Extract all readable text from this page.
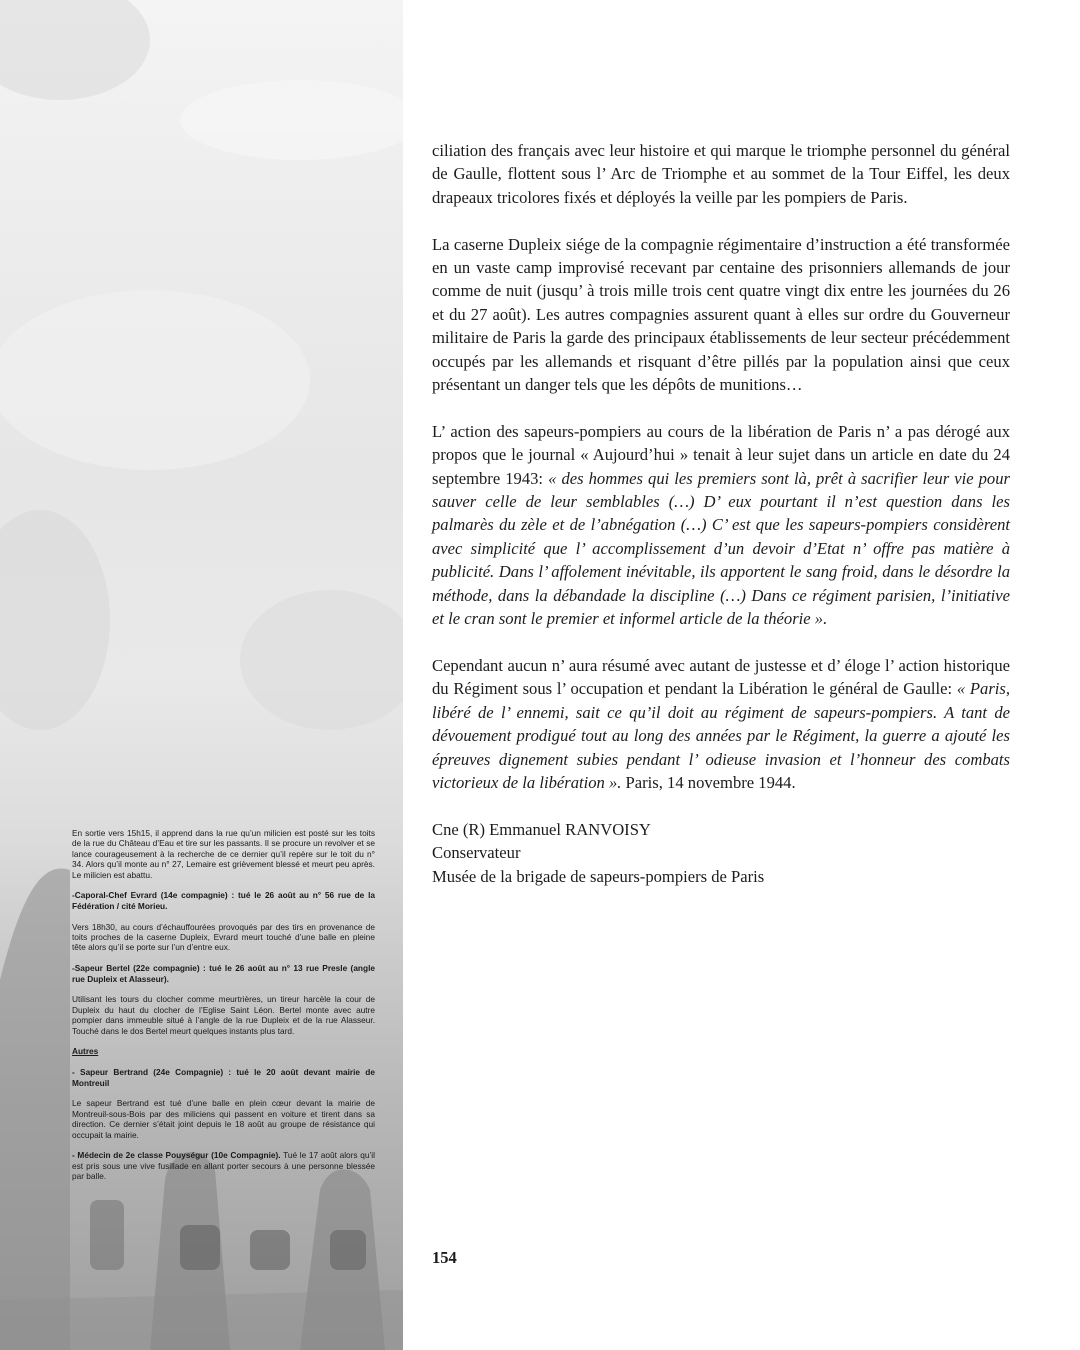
En sortie vers 15h15, il apprend dans la rue qu’un milicien est posté sur les toits de la rue du Château d’Eau et tire sur les passants. Il se procure un revolver et se lance courageusement à la recherche de ce dernier qu’il repère sur le toit du n° 34. Alors qu’il monte au n° 27, Lemaire est grièvement blessé et meurt peu après. Le milicien est abattu.

-Caporal-Chef Evrard (14e compagnie) : tué le 26 août au n° 56 rue de la Fédération / cité Morieu.

Vers 18h30, au cours d’échauffourées provoqués par des tirs en provenance de toits proches de la caserne Dupleix, Evrard meurt touché d’une balle en pleine tête alors qu’il se porte sur l’un d’entre eux.

-Sapeur Bertel (22e compagnie) : tué le 26 août au n° 13 rue Presle (angle rue Dupleix et Alasseur).

Utilisant les tours du clocher comme meurtrières, un tireur harcèle la cour de Dupleix du haut du clocher de l’Eglise Saint Léon. Bertel monte avec autre pompier dans immeuble situé à l’angle de la rue Dupleix et de la rue Alasseur. Touché dans le dos Bertel meurt quelques instants plus tard.

Autres

- Sapeur Bertrand (24e Compagnie) : tué le 20 août devant mairie de Montreuil

Le sapeur Bertrand est tué d’une balle en plein cœur devant la mairie de Montreuil-sous-Bois par des miliciens qui passent en voiture et tirent dans sa direction. Ce dernier s’était joint depuis le 18 août au groupe de résistance qui occupait la mairie.

- Médecin de 2e classe Pouységur (10e Compagnie). Tué le 17 août alors qu’il est pris sous une vive fusillade en allant porter secours à une personne blessée par balle.

ciliation des français avec leur histoire et qui marque le triomphe personnel du général de Gaulle, flottent sous l’ Arc de Triomphe et au sommet de la Tour Eiffel, les deux drapeaux tricolores fixés et déployés la veille par les pompiers de Paris.

La caserne Dupleix siége de la compagnie régimentaire d’instruction a été transformée en un vaste camp improvisé recevant par centaine des prisonniers allemands de jour comme de nuit (jusqu’ à trois mille trois cent quatre vingt dix entre les journées du 26 et du 27 août). Les autres compagnies assurent quant à elles sur ordre du Gouverneur militaire de Paris la garde des principaux établissements de leur secteur précédemment occupés par les allemands et risquant d’être pillés par la population ainsi que ceux présentant un danger tels que les dépôts de munitions…

L’ action des sapeurs-pompiers au cours de la libération de Paris n’ a pas dérogé aux propos que le journal « Aujourd’hui » tenait à leur sujet dans un article en date du 24 septembre 1943: « des hommes qui les premiers sont là, prêt à sacrifier leur vie pour sauver celle de leur semblables (…) D’ eux pourtant il n’est question dans les palmarès du zèle et de l’abnégation (…) C’ est que les sapeurs-pompiers considèrent avec simplicité que l’ accomplissement d’un devoir d’Etat n’ offre pas matière à publicité. Dans l’ affolement inévitable, ils apportent le sang froid, dans le désordre la méthode, dans la débandade la discipline (…) Dans ce régiment parisien, l’initiative et le cran sont le premier et informel article de la théorie ».

Cependant aucun n’ aura résumé avec autant de justesse et d’ éloge l’ action historique du Régiment sous l’ occupation et pendant la Libération le général de Gaulle: « Paris, libéré de l’ ennemi, sait ce qu’il doit au régiment de sapeurs-pompiers. A tant de dévouement prodigué tout au long des années par le Régiment, la guerre a ajouté les épreuves dignement subies pendant l’ odieuse invasion et l’honneur des combats victorieux de la libération ». Paris, 14 novembre 1944.

Cne (R) Emmanuel RANVOISY

Conservateur

Musée de la brigade de sapeurs-pompiers de Paris

154
